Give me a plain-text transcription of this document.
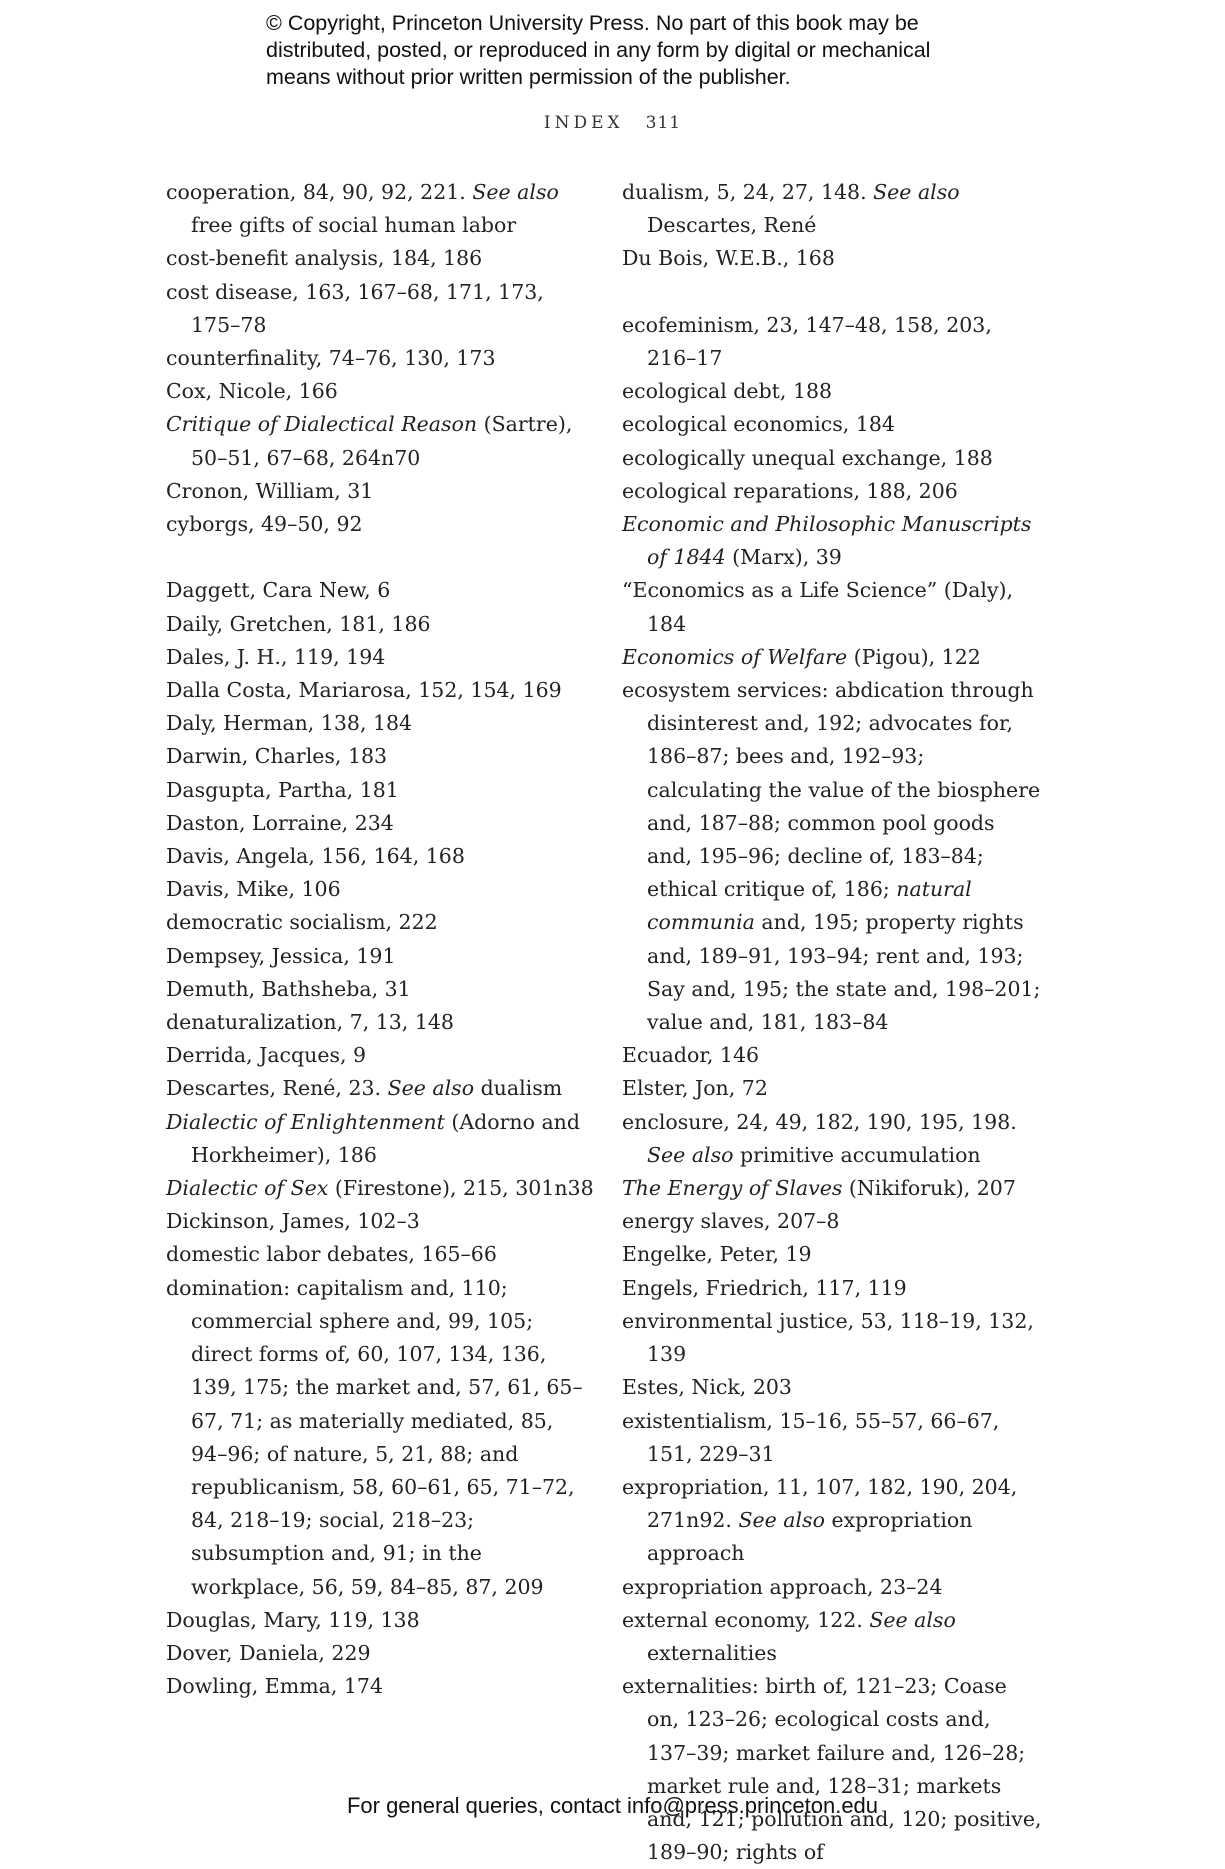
© Copyright, Princeton University Press. No part of this book may be
distributed, posted, or reproduced in any form by digital or mechanical
means without prior written permission of the publisher.
INDEX 311
cooperation, 84, 90, 92, 221. See also free gifts of social human labor
cost-benefit analysis, 184, 186
cost disease, 163, 167–68, 171, 173, 175–78
counterfinality, 74–76, 130, 173
Cox, Nicole, 166
Critique of Dialectical Reason (Sartre), 50–51, 67–68, 264n70
Cronon, William, 31
cyborgs, 49–50, 92
Daggett, Cara New, 6
Daily, Gretchen, 181, 186
Dales, J. H., 119, 194
Dalla Costa, Mariarosa, 152, 154, 169
Daly, Herman, 138, 184
Darwin, Charles, 183
Dasgupta, Partha, 181
Daston, Lorraine, 234
Davis, Angela, 156, 164, 168
Davis, Mike, 106
democratic socialism, 222
Dempsey, Jessica, 191
Demuth, Bathsheba, 31
denaturalization, 7, 13, 148
Derrida, Jacques, 9
Descartes, René, 23. See also dualism
Dialectic of Enlightenment (Adorno and Horkheimer), 186
Dialectic of Sex (Firestone), 215, 301n38
Dickinson, James, 102–3
domestic labor debates, 165–66
domination: capitalism and, 110; commercial sphere and, 99, 105; direct forms of, 60, 107, 134, 136, 139, 175; the market and, 57, 61, 65–67, 71; as materially mediated, 85, 94–96; of nature, 5, 21, 88; and republicanism, 58, 60–61, 65, 71–72, 84, 218–19; social, 218–23; subsumption and, 91; in the workplace, 56, 59, 84–85, 87, 209
Douglas, Mary, 119, 138
Dover, Daniela, 229
Dowling, Emma, 174
dualism, 5, 24, 27, 148. See also Descartes, René
Du Bois, W.E.B., 168
ecofeminism, 23, 147–48, 158, 203, 216–17
ecological debt, 188
ecological economics, 184
ecologically unequal exchange, 188
ecological reparations, 188, 206
Economic and Philosophic Manuscripts of 1844 (Marx), 39
“Economics as a Life Science” (Daly), 184
Economics of Welfare (Pigou), 122
ecosystem services: abdication through disinterest and, 192; advocates for, 186–87; bees and, 192–93; calculating the value of the biosphere and, 187–88; common pool goods and, 195–96; decline of, 183–84; ethical critique of, 186; natural communia and, 195; property rights and, 189–91, 193–94; rent and, 193; Say and, 195; the state and, 198–201; value and, 181, 183–84
Ecuador, 146
Elster, Jon, 72
enclosure, 24, 49, 182, 190, 195, 198. See also primitive accumulation
The Energy of Slaves (Nikiforuk), 207
energy slaves, 207–8
Engelke, Peter, 19
Engels, Friedrich, 117, 119
environmental justice, 53, 118–19, 132, 139
Estes, Nick, 203
existentialism, 15–16, 55–57, 66–67, 151, 229–31
expropriation, 11, 107, 182, 190, 204, 271n92. See also expropriation approach
expropriation approach, 23–24
external economy, 122. See also externalities
externalities: birth of, 121–23; Coase on, 123–26; ecological costs and, 137–39; market failure and, 126–28; market rule and, 128–31; markets and, 121; pollution and, 120; positive, 189–90; rights of
For general queries, contact info@press.princeton.edu
